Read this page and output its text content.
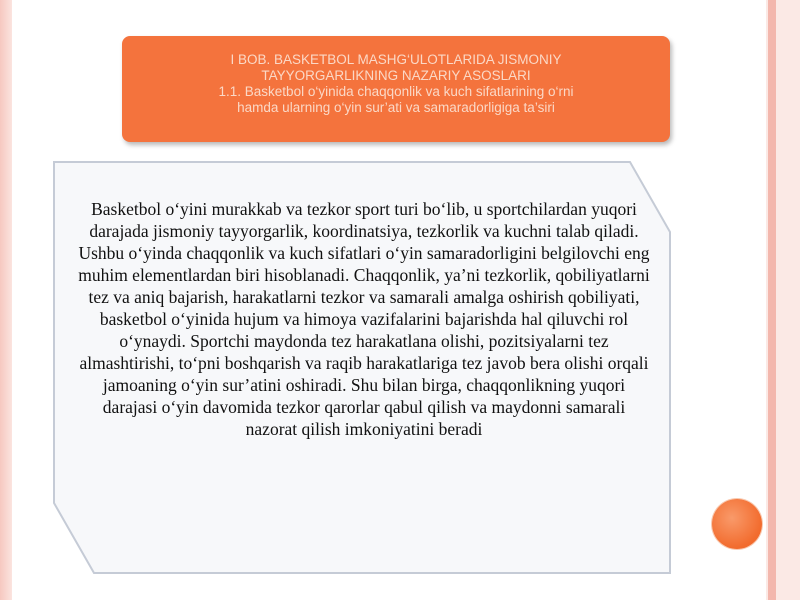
I BOB. BASKETBOL MASHG‘ULOTLARIDA JISMONIY
TAYYORGARLIKNING NAZARIY ASOSLARI
1.1. Basketbol o‘yinida chaqqonlik va kuch sifatlarining o‘rni
hamda ularning o‘yin sur’ati va samaradorligiga ta’siri

Basketbol o‘yini murakkab va tezkor sport turi bo‘lib, u sportchilardan yuqori darajada jismoniy tayyorgarlik, koordinatsiya, tezkorlik va kuchni talab qiladi. Ushbu o‘yinda chaqqonlik va kuch sifatlari o‘yin samaradorligini belgilovchi eng muhim elementlardan biri hisoblanadi. Chaqqonlik, ya’ni tezkorlik, qobiliyatlarni tez va aniq bajarish, harakatlarni tezkor va samarali amalga oshirish qobiliyati, basketbol o‘yinida hujum va himoya vazifalarini bajarishda hal qiluvchi rol o‘ynaydi. Sportchi maydonda tez harakatlana olishi, pozitsiyalarni tez almashtirishi, to‘pni boshqarish va raqib harakatlariga tez javob bera olishi orqali jamoaning o‘yin sur’atini oshiradi. Shu bilan birga, chaqqonlikning yuqori darajasi o‘yin davomida tezkor qarorlar qabul qilish va maydonni samarali nazorat qilish imkoniyatini beradi
